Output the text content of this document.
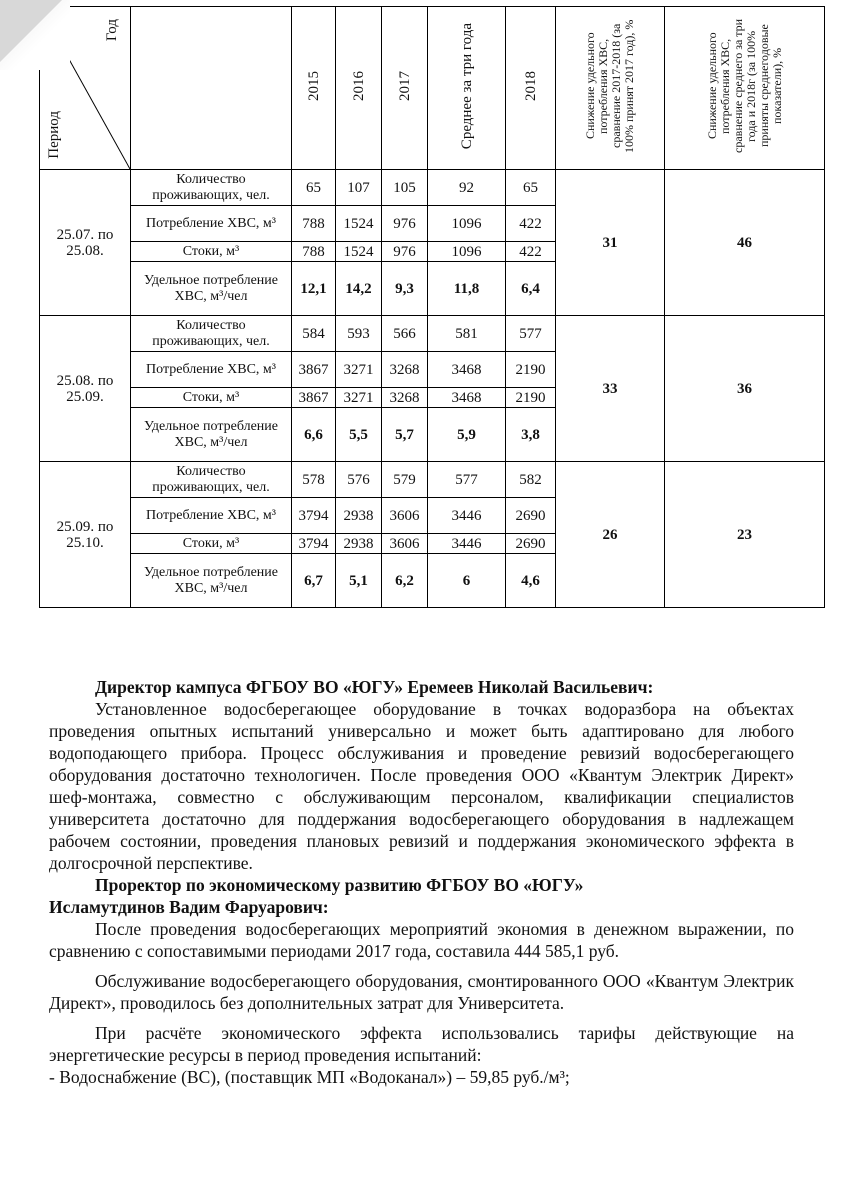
Период
Год		2015	2016	2017	Среднее за три года	2018	Снижение удельного потребления ХВС, сравнение 2017-2018 (за 100% принят 2017 год), %	Снижение удельного потребления ХВС, сравнение среднего за три года и 2018г (за 100% приняты среднегодовые показатели), %
25.07. по 25.08.	Количество проживающих, чел.	65	107	105	92	65	31	46
	Потребление ХВС, м³	788	1524	976	1096	422		
	Стоки, м³	788	1524	976	1096	422		
	Удельное потребление ХВС, м³/чел	12,1	14,2	9,3	11,8	6,4		
25.08. по 25.09.	Количество проживающих, чел.	584	593	566	581	577	33	36
	Потребление ХВС, м³	3867	3271	3268	3468	2190		
	Стоки, м³	3867	3271	3268	3468	2190		
	Удельное потребление ХВС, м³/чел	6,6	5,5	5,7	5,9	3,8		
25.09. по 25.10.	Количество проживающих, чел.	578	576	579	577	582	26	23
	Потребление ХВС, м³	3794	2938	3606	3446	2690		
	Стоки, м³	3794	2938	3606	3446	2690		
	Удельное потребление ХВС, м³/чел	6,7	5,1	6,2	6	4,6		
Директор кампуса ФГБОУ ВО «ЮГУ» Еремеев Николай Васильевич:
Установленное водосберегающее оборудование в точках водоразбора на объектах проведения опытных испытаний универсально и может быть адаптировано для любого водоподающего прибора. Процесс обслуживания и проведение ревизий водосберегающего оборудования достаточно технологичен. После проведения ООО «Квантум Электрик Директ» шеф-монтажа, совместно с обслуживающим персоналом, квалификации специалистов университета достаточно для поддержания водосберегающего оборудования в надлежащем рабочем состоянии, проведения плановых ревизий и поддержания экономического эффекта в долгосрочной перспективе.
Проректор по экономическому развитию ФГБОУ ВО «ЮГУ»
Исламутдинов Вадим Фаруарович:
После проведения водосберегающих мероприятий экономия в денежном выражении, по сравнению с сопоставимыми периодами 2017 года, составила 444 585,1 руб.
Обслуживание водосберегающего оборудования, смонтированного ООО «Квантум Электрик Директ», проводилось без дополнительных затрат для Университета.
При расчёте экономического эффекта использовались тарифы действующие на энергетические ресурсы в период проведения испытаний:
- Водоснабжение (ВС), (поставщик МП «Водоканал») – 59,85 руб./м³;
